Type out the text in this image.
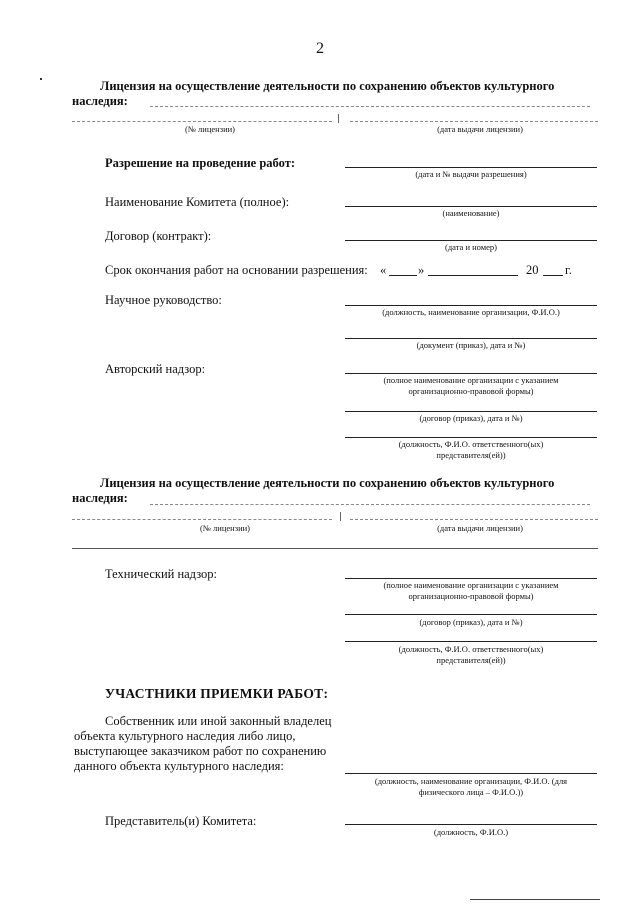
2
Лицензия на осуществление деятельности по сохранению объектов культурного
наследия:
(№ лицензии)	(дата выдачи лицензии)
Разрешение на проведение работ:
(дата и № выдачи разрешения)
Наименование Комитета (полное):
(наименование)
Договор (контракт):
(дата и номер)
Срок окончания работ на основании разрешения: «	»	20 г.
Научное руководство:
(должность, наименование организации, Ф.И.О.)
(документ (приказ), дата и №)
Авторский надзор:
(полное наименование организации с указанием
организационно-правовой формы)
(договор (приказ), дата и №)
(должность, Ф.И.О. ответственного(ых)
представителя(ей))
Лицензия на осуществление деятельности по сохранению объектов культурного
наследия:
(№ лицензии)	(дата выдачи лицензии)
Технический надзор:
(полное наименование организации с указанием
организационно-правовой формы)
(договор (приказ), дата и №)
(должность, Ф.И.О. ответственного(ых)
представителя(ей))
УЧАСТНИКИ ПРИЕМКИ РАБОТ:
Собственник или иной законный владелец
объекта культурного наследия либо лицо,
выступающее заказчиком работ по сохранению
данного объекта культурного наследия:
(должность, наименование организации, Ф.И.О. (для
физического лица – Ф.И.О.))
Представитель(и) Комитета:
(должность, Ф.И.О.)
